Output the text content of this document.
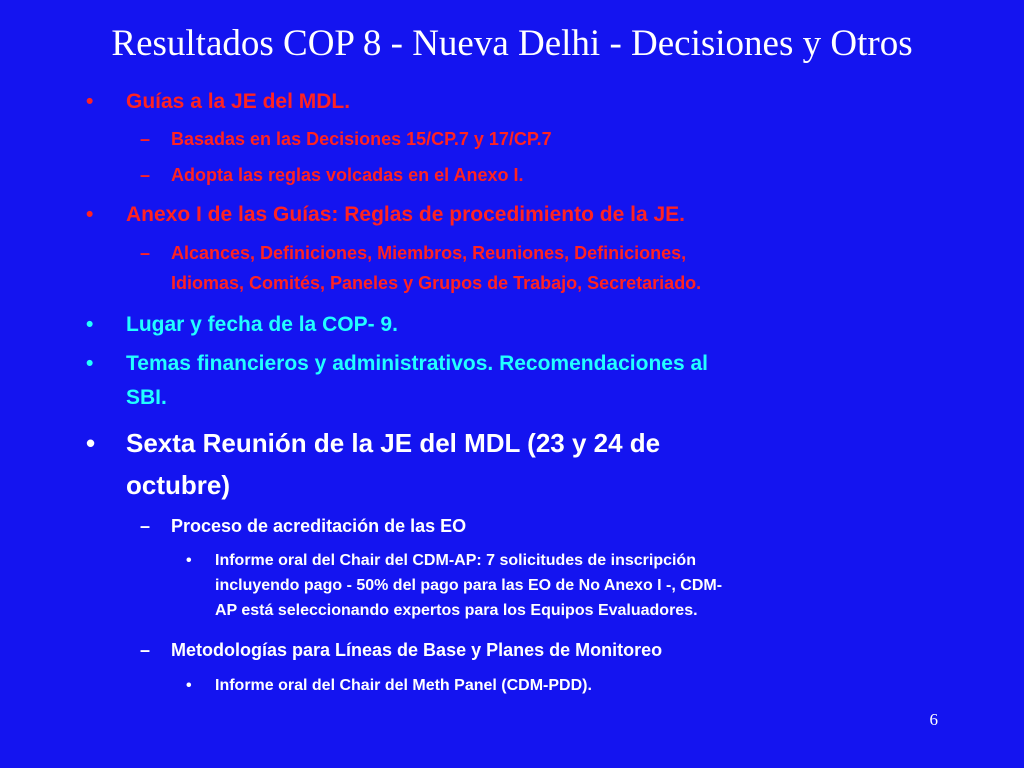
Resultados COP 8 - Nueva Delhi - Decisiones y Otros
• Guías a la JE del MDL.
– Basadas en las Decisiones 15/CP.7 y 17/CP.7
– Adopta las reglas volcadas en el Anexo I.
• Anexo I de las Guías: Reglas de procedimiento de la JE.
– Alcances, Definiciones, Miembros, Reuniones, Definiciones,
Idiomas, Comités, Paneles y Grupos de Trabajo, Secretariado.
• Lugar y fecha de la COP- 9.
• Temas financieros y administrativos. Recomendaciones al
SBI.
• Sexta Reunión de la JE del MDL (23 y 24 de
octubre)
– Proceso de acreditación de las EO
• Informe oral del Chair del CDM-AP: 7 solicitudes de inscripción
incluyendo pago - 50% del pago para las EO de No Anexo I -, CDM-
AP está seleccionando expertos para los Equipos Evaluadores.
– Metodologías para Líneas de Base y Planes de Monitoreo
• Informe oral del Chair del Meth Panel (CDM-PDD).
6
